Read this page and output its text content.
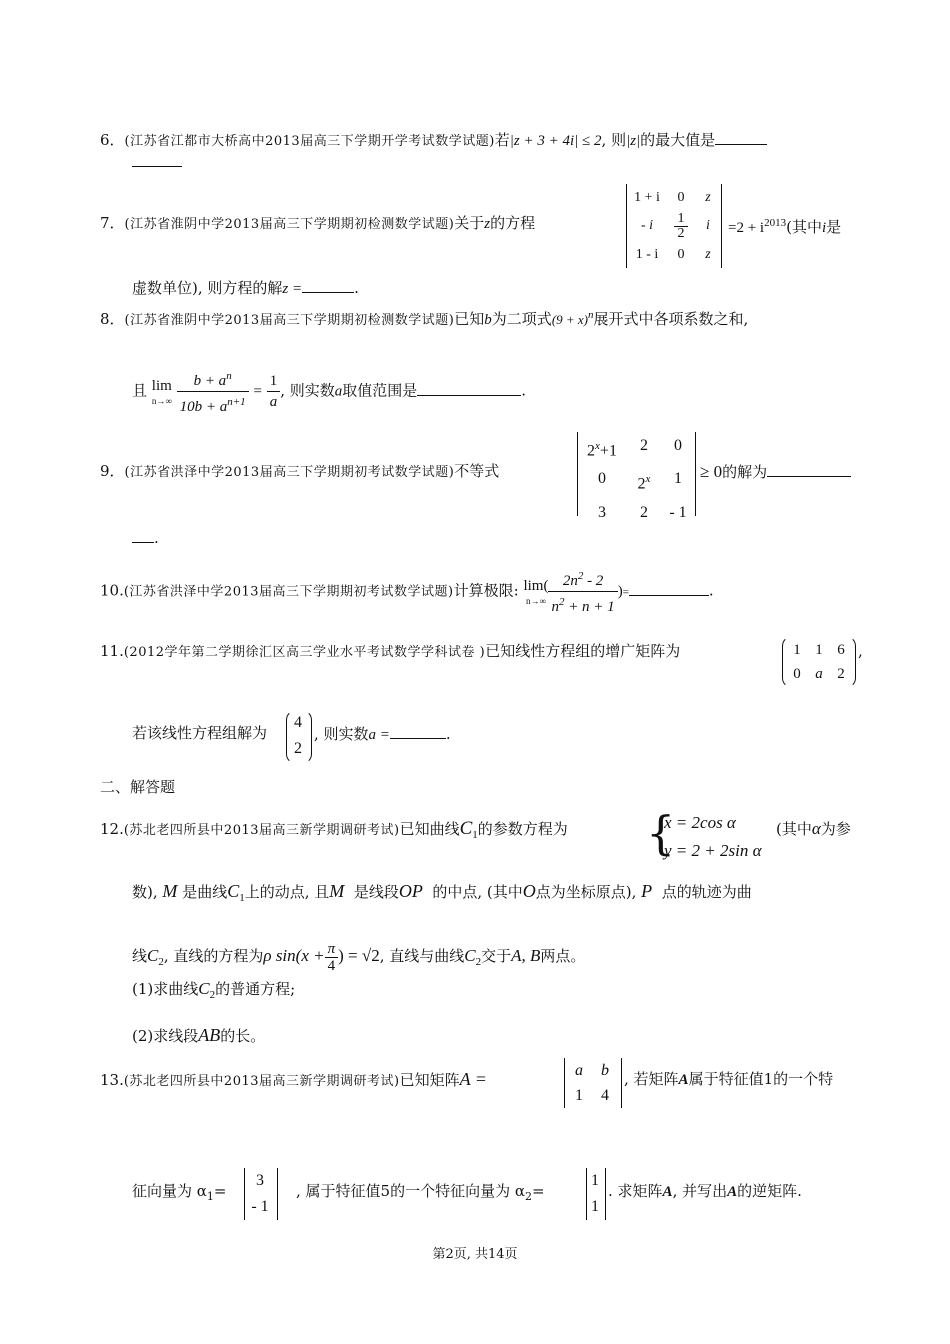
6．(江苏省江都市大桥高中2013届高三下学期开学考试数学试题)若|z + 3 + 4i| ≤ 2, 则|z|的最大值是
7．(江苏省淮阴中学2013届高三下学期期初检测数学试题)关于z的方程
1 + i	0	z
- i $\frac{1}{2}$ i
1 - i	0	z
$=2 + i^{2013}$(其中i是
虚数单位), 则方程的解z =	.
8．(江苏省淮阴中学2013届高三下学期期初检测数学试题)已知b为二项式$(9 + x)^n$展开式中各项系数之和,
且 lim
n→∞
$\frac{b + a^n}{10b + a^{n+1}} = \frac{1}{a}$ , 则实数a取值范围是	.
9．(江苏省洪泽中学2013届高三下学期期初考试数学试题)不等式
$2^x+1$	2	0
0	2$^x$	1
3	2	- 1
≥ 0的解为
.
10.(江苏省洪泽中学2013届高三下学期期初考试数学试题)计算极限: lim(
$n\to\infty \frac{2n^2 - 2}{n^2 + n + 1}$ )=	.
11.(2012学年第二学期徐汇区高三学业水平考试数学学科试卷 )已知线性方程组的增广矩阵为	1 1 6
0 a 2
,
若该线性方程组解为
4
2
, 则实数a =	.
二、解答题
12.(苏北老四所县中2013届高三新学期调研考试)已知曲线$C_1$的参数方程为 {
x = 2cos α
y = 2 + 2sin α
(其中α为参
数), M 是曲线$C_1$上的动点, 且M 是线段OP 的中点, (其中O点为坐标原点), P 点的轨迹为曲
线$C_2$, 直线的方程为ρ $\sin(x + \frac{\pi}{4}$ ) = √2, 直线与曲线$C_2$交于A, B两点。
(1)求曲线$C_2$的普通方程;
(2)求线段AB的长。
13.(苏北老四所县中2013届高三新学期调研考试)已知矩阵A =	a	b
1	4
, 若矩阵A属于特征值1的一个特
征向量为 $\alpha_1=$
3
- 1
, 属于特征值5的一个特征向量为 $\alpha_2=$
1
1
. 求矩阵A, 并写出A的逆矩阵.
第2页, 共14页
